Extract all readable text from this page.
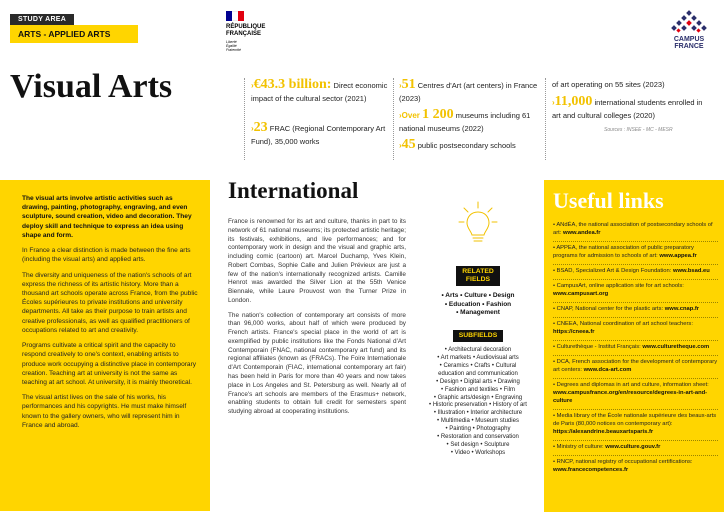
STUDY AREA
ARTS - APPLIED ARTS
RÉPUBLIQUE
FRANÇAISE
Liberté
Égalité
Fraternité
CAMPUS
FRANCE
Visual Arts	›€43.3 billion: Direct economic impact of the cultural sector (2021)
›23 FRAC (Regional Contemporary Art Fund), 35,000 works
›51 Centres d'Art (art centers) in France (2023)
›Over 1 200 museums including 61 national museums (2022)
›45 public postsecondary schools
of art operating on 55 sites (2023)
›11,000 international students enrolled in art and cultural colleges (2020)
Sources : INSEE - MC - MESR

The visual arts involve artistic activities such as drawing, painting, photography, engraving, and even sculpture, sound creation, video and decoration. They deploy skill and technique to express an idea using shape and form.

In France a clear distinction is made between the fine arts (including the visual arts) and applied arts.

The diversity and uniqueness of the nation's schools of art express the richness of its artistic history. More than a thousand art schools operate across France, from the public Écoles supérieures to private institutions and university departments. All take as their purpose to train artists and creative professionals, as well as qualified practitioners of occupations related to art and creativity.

Programs cultivate a critical spirit and the capacity to respond creatively to one's context, enabling artists to produce work occupying a distinctive place in contemporary creation. Teaching art at university is not the same as teaching at art school. At university, it is mainly theoretical.

The visual artist lives on the sale of his works, his performances and his copyrights. He must make himself known to the gallery owners, who will represent him in France and abroad.

International

France is renowned for its art and culture, thanks in part to its network of 61 national museums; its protected artistic heritage; its festivals, exhibitions, and live performances; and for contemporary work in design and the visual and graphic arts, including comic (cartoon) art. Marcel Duchamp, Yves Klein, Robert Combas, Sophie Calle and Julien Prévieux are just a few of the nation's internationally recognized artists. Camille Henrot was awarded the Silver Lion at the 55th Venice Biennale, while Laure Prouvost won the Turner Prize in London.

The nation's collection of contemporary art consists of more than 96,000 works, about half of which were produced by French artists. France's special place in the world of art is exemplified by public institutions like the Fonds National d'Art Contemporain (FNAC, national contemporary art fund) and its regional affiliates (known as (FRACs). The Foire Internationale d'Art Contemporain (FIAC, international contemporary art fair) has been held in Paris for more than 40 years and now takes place in Los Angeles and St. Petersburg as well. Nearly all of France's art schools are members of the Erasmus+ network, enabling students to obtain full credit for semesters spent studying abroad at cooperating institutions.

RELATED
FIELDS
• Arts • Culture • Design
• Education • Fashion
• Management
SUBFIELDS
• Architectural decoration
• Art markets • Audiovisual arts
• Ceramics • Crafts • Cultural
education and communication
• Design • Digital arts • Drawing
• Fashion and textiles • Film
• Graphic arts/design • Engraving
• Historic preservation • History of art
• Illustration • Interior architecture
• Multimedia • Museum studies
• Painting • Photography
• Restoration and conservation
• Set design • Sculpture
• Video • Workshops
Useful links
• ANdÉA, the national association of postsecondary schools of art: www.andea.fr
• APPEA, the national association of public preparatory programs for admission to schools of art: www.appea.fr
• BSAD, Specialized Art & Design Foundation: www.bsad.eu
• CampusArt, online application site for art schools: www.campusart.org
• CNAP, National center for the plastic arts: www.cnap.fr
• CNEEA, National coordination of art school teachers: https://cneea.fr
• Culturethèque - Institut Français: www.culturetheque.com
• DCA, French association for the development of contemporary art centers: www.dca-art.com
• Degrees and diplomas in art and culture, information sheet: www.campusfrance.org/en/resource/degrees-in-art-and-culture
• Media library of the École nationale supérieure des beaux-arts de Paris (80,000 notices on contemporary art): https://alexandrine.beauxartsparis.fr
• Ministry of culture: www.culture.gouv.fr
• RNCP, national registry of occupational certifications: www.francecompetences.fr
